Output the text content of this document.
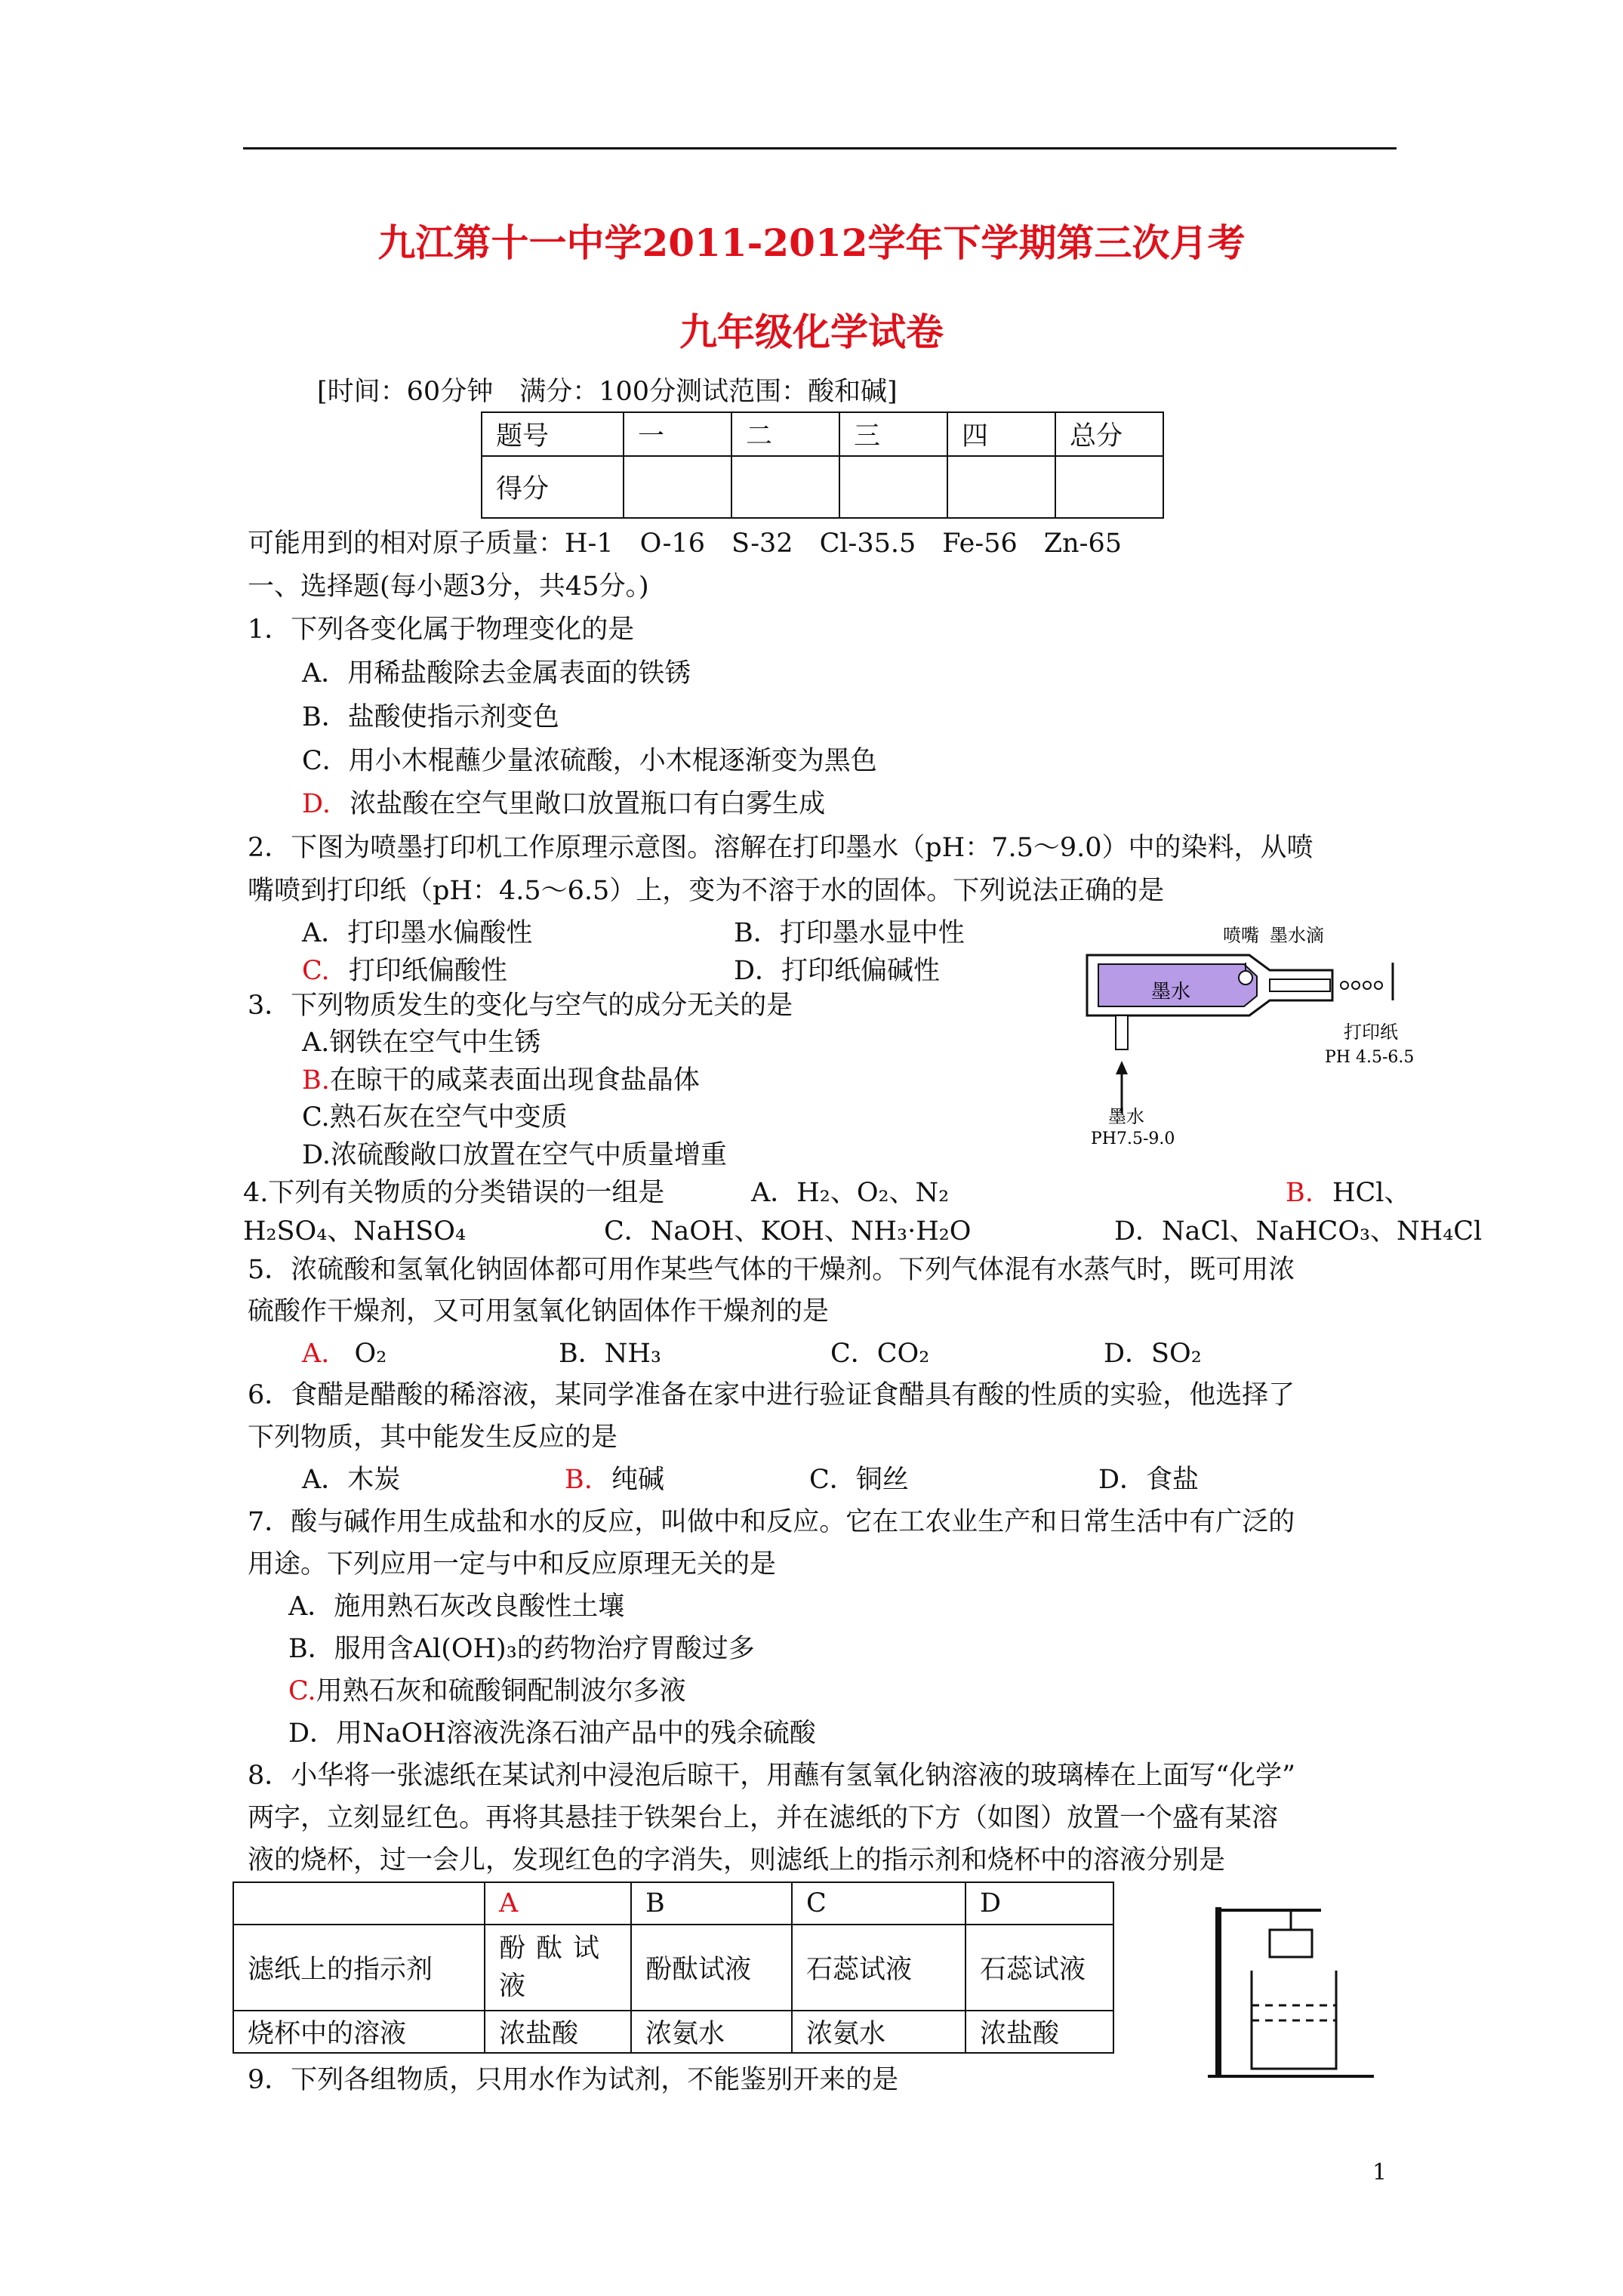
九江第十一中学2011-2012学年下学期第三次月考
九年级化学试卷
[时间：60分钟　满分：100分测试范围：酸和碱]
题号	一	二	三	四	总分
得分					
可能用到的相对原子质量：H-1　O-16　S-32　Cl-35.5　Fe-56　Zn-65
一、选择题(每小题3分，共45分。)
1．下列各变化属于物理变化的是
A．用稀盐酸除去金属表面的铁锈
B．盐酸使指示剂变色
C．用小木棍蘸少量浓硫酸，小木棍逐渐变为黑色
D. 浓盐酸在空气里敞口放置瓶口有白雾生成
2．下图为喷墨打印机工作原理示意图。溶解在打印墨水（pH：7.5～9.0）中的染料，从喷
嘴喷到打印纸（pH：4.5～6.5）上，变为不溶于水的固体。下列说法正确的是
A．打印墨水偏酸性	B．打印墨水显中性
C. 打印纸偏酸性	D．打印纸偏碱性
墨水
喷嘴 墨水滴
打印纸
PH 4.5-6.5
墨水
PH7.5-9.0
3．下列物质发生的变化与空气的成分无关的是
A.钢铁在空气中生锈
B.在晾干的咸菜表面出现食盐晶体
C.熟石灰在空气中变质
D.浓硫酸敞口放置在空气中质量增重
4.下列有关物质的分类错误的一组是	A．H₂、O₂、N₂	B. HCl、
H₂SO₄、NaHSO₄	C．NaOH、KOH、NH₃·H₂O	D．NaCl、NaHCO₃、NH₄Cl
5．浓硫酸和氢氧化钠固体都可用作某些气体的干燥剂。下列气体混有水蒸气时，既可用浓
硫酸作干燥剂，又可用氢氧化钠固体作干燥剂的是
A. O₂	B．NH₃	C．CO₂	D．SO₂
6．食醋是醋酸的稀溶液，某同学准备在家中进行验证食醋具有酸的性质的实验，他选择了
下列物质，其中能发生反应的是
A．木炭	B. 纯碱	C．铜丝	D．食盐
7．酸与碱作用生成盐和水的反应，叫做中和反应。它在工农业生产和日常生活中有广泛的
用途。下列应用一定与中和反应原理无关的是
A．施用熟石灰改良酸性土壤
B．服用含Al(OH)₃的药物治疗胃酸过多
C.用熟石灰和硫酸铜配制波尔多液
D．用NaOH溶液洗涤石油产品中的残余硫酸
8．小华将一张滤纸在某试剂中浸泡后晾干，用蘸有氢氧化钠溶液的玻璃棒在上面写“化学”
两字，立刻显红色。再将其悬挂于铁架台上，并在滤纸的下方（如图）放置一个盛有某溶
液的烧杯，过一会儿，发现红色的字消失，则滤纸上的指示剂和烧杯中的溶液分别是
	A	B	C	D
滤纸上的指示剂	酚酞试液	酚酞试液	石蕊试液	石蕊试液
烧杯中的溶液	浓盐酸	浓氨水	浓氨水	浓盐酸
9．下列各组物质，只用水作为试剂，不能鉴别开来的是
1
